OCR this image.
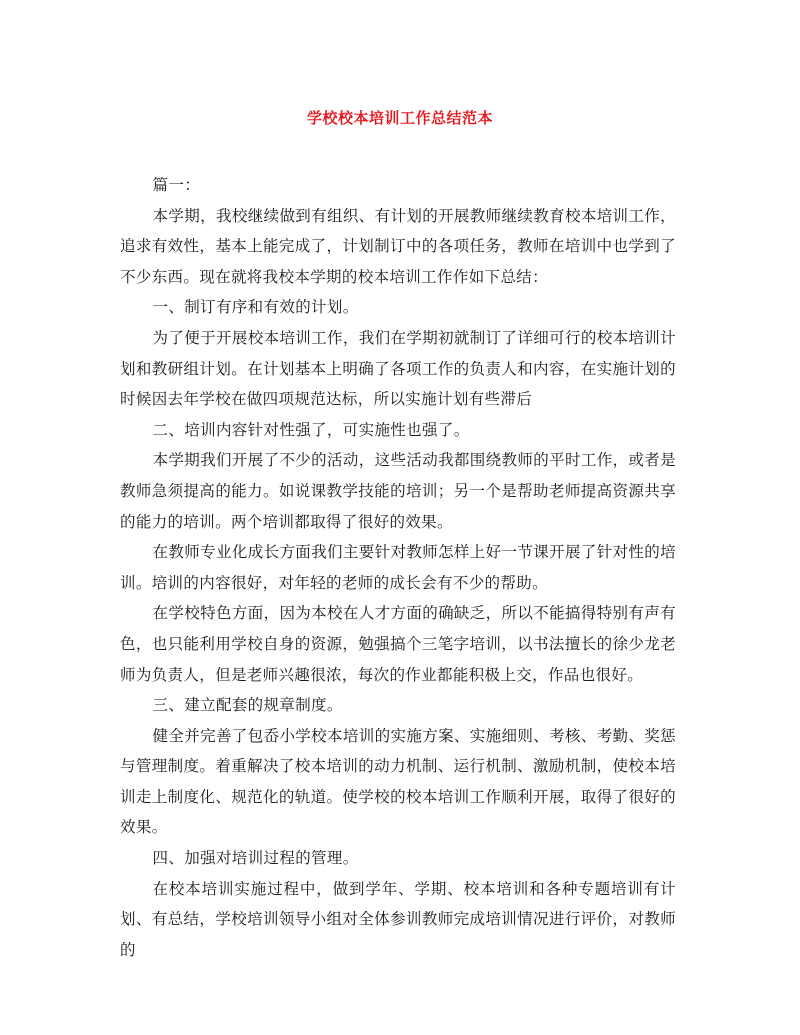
学校校本培训工作总结范本

篇一：

本学期，我校继续做到有组织、有计划的开展教师继续教育校本培训工作，追求有效性，基本上能完成了，计划制订中的各项任务，教师在培训中也学到了不少东西。现在就将我校本学期的校本培训工作作如下总结：

一、制订有序和有效的计划。

为了便于开展校本培训工作，我们在学期初就制订了详细可行的校本培训计划和教研组计划。在计划基本上明确了各项工作的负责人和内容，在实施计划的时候因去年学校在做四项规范达标，所以实施计划有些滞后

二、培训内容针对性强了，可实施性也强了。

本学期我们开展了不少的活动，这些活动我都围绕教师的平时工作，或者是教师急须提高的能力。如说课教学技能的培训；另一个是帮助老师提高资源共享的能力的培训。两个培训都取得了很好的效果。

在教师专业化成长方面我们主要针对教师怎样上好一节课开展了针对性的培训。培训的内容很好，对年轻的老师的成长会有不少的帮助。

在学校特色方面，因为本校在人才方面的确缺乏，所以不能搞得特别有声有色，也只能利用学校自身的资源，勉强搞个三笔字培训，以书法擅长的徐少龙老师为负责人，但是老师兴趣很浓，每次的作业都能积极上交，作品也很好。

三、建立配套的规章制度。

健全并完善了包岙小学校本培训的实施方案、实施细则、考核、考勤、奖惩与管理制度。着重解决了校本培训的动力机制、运行机制、激励机制，使校本培训走上制度化、规范化的轨道。使学校的校本培训工作顺利开展，取得了很好的效果。

四、加强对培训过程的管理。

在校本培训实施过程中，做到学年、学期、校本培训和各种专题培训有计划、有总结，学校培训领导小组对全体参训教师完成培训情况进行评价，对教师的
